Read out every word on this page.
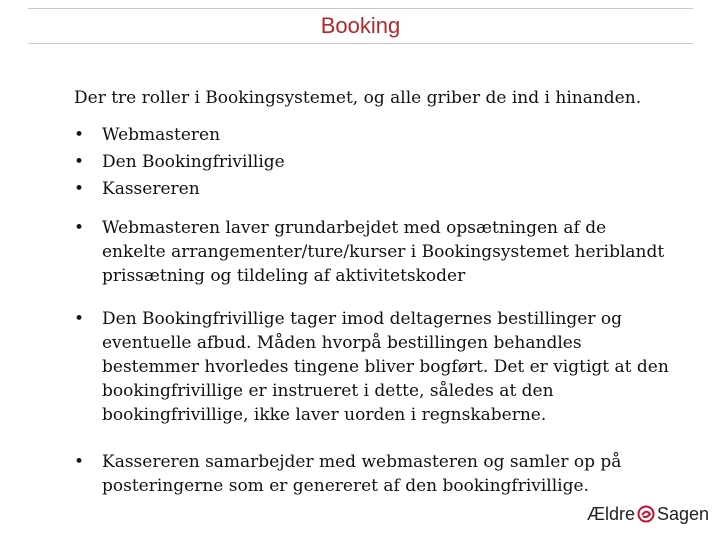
Booking
Der tre roller i Bookingsystemet, og alle griber de ind i hinanden.
• Webmasteren
• Den Bookingfrivillige
• Kassereren
• Webmasteren laver grundarbejdet med opsætningen af de enkelte arrangementer/ture/kurser i Bookingsystemet heriblandt prissætning og tildeling af aktivitetskoder
• Den Bookingfrivillige tager imod deltagernes bestillinger og eventuelle afbud. Måden hvorpå bestillingen behandles bestemmer hvorledes tingene bliver bogført. Det er vigtigt at den bookingfrivillige er instrueret i dette, således at den bookingfrivillige, ikke laver uorden i regnskaberne.
• Kassereren samarbejder med webmasteren og samler op på posteringerne som er genereret af den bookingfrivillige.
Ældre Sagen
